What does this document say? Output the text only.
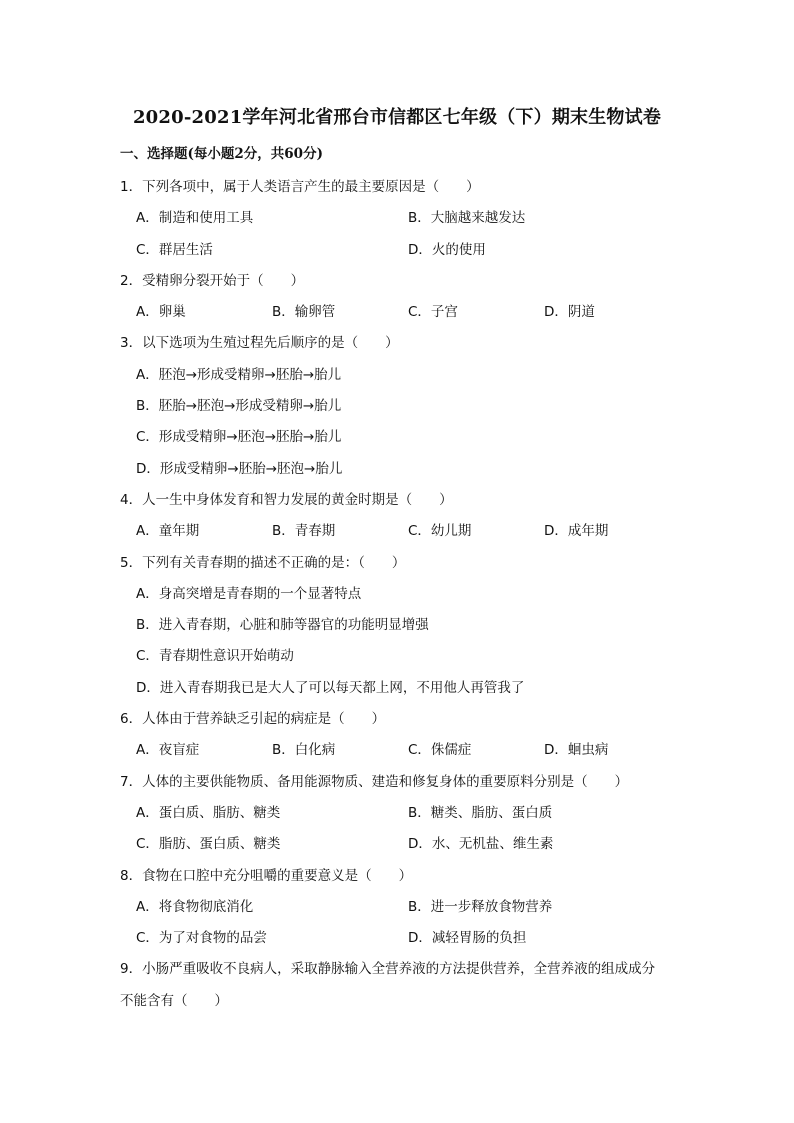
2020-2021学年河北省邢台市信都区七年级（下）期末生物试卷
一、选择题(每小题2分，共60分)
1．下列各项中，属于人类语言产生的最主要原因是（　　）
A．制造和使用工具	B．大脑越来越发达
C．群居生活	D．火的使用
2．受精卵分裂开始于（　　）
A．卵巢	B．输卵管	C．子宫	D．阴道
3．以下选项为生殖过程先后顺序的是（　　）
A．胚泡→形成受精卵→胚胎→胎儿
B．胚胎→胚泡→形成受精卵→胎儿
C．形成受精卵→胚泡→胚胎→胎儿
D．形成受精卵→胚胎→胚泡→胎儿
4．人一生中身体发育和智力发展的黄金时期是（　　）
A．童年期	B．青春期	C．幼儿期	D．成年期
5．下列有关青春期的描述不正确的是：（　　）
A．身高突增是青春期的一个显著特点
B．进入青春期，心脏和肺等器官的功能明显增强
C．青春期性意识开始萌动
D．进入青春期我已是大人了可以每天都上网，不用他人再管我了
6．人体由于营养缺乏引起的病症是（　　）
A．夜盲症	B．白化病	C．侏儒症	D．蛔虫病
7．人体的主要供能物质、备用能源物质、建造和修复身体的重要原料分别是（　　）
A．蛋白质、脂肪、糖类	B．糖类、脂肪、蛋白质
C．脂肪、蛋白质、糖类	D．水、无机盐、维生素
8．食物在口腔中充分咀嚼的重要意义是（　　）
A．将食物彻底消化	B．进一步释放食物营养
C．为了对食物的品尝	D．减轻胃肠的负担
9．小肠严重吸收不良病人，采取静脉输入全营养液的方法提供营养，全营养液的组成成分
不能含有（　　）
